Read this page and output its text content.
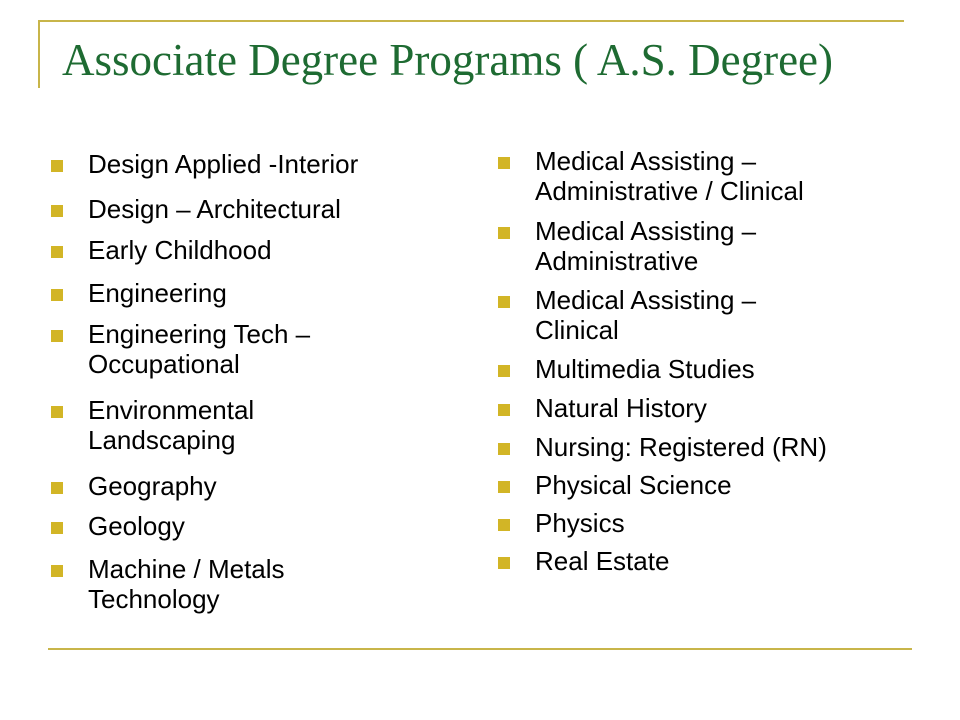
Associate Degree Programs ( A.S. Degree)
Design Applied -Interior
Design – Architectural
Early Childhood
Engineering
Engineering Tech –
Occupational
Environmental
Landscaping
Geography
Geology
Machine / Metals
Technology
Medical Assisting –
Administrative / Clinical
Medical Assisting –
Administrative
Medical Assisting –
Clinical
Multimedia Studies
Natural History
Nursing: Registered (RN)
Physical Science
Physics
Real Estate
